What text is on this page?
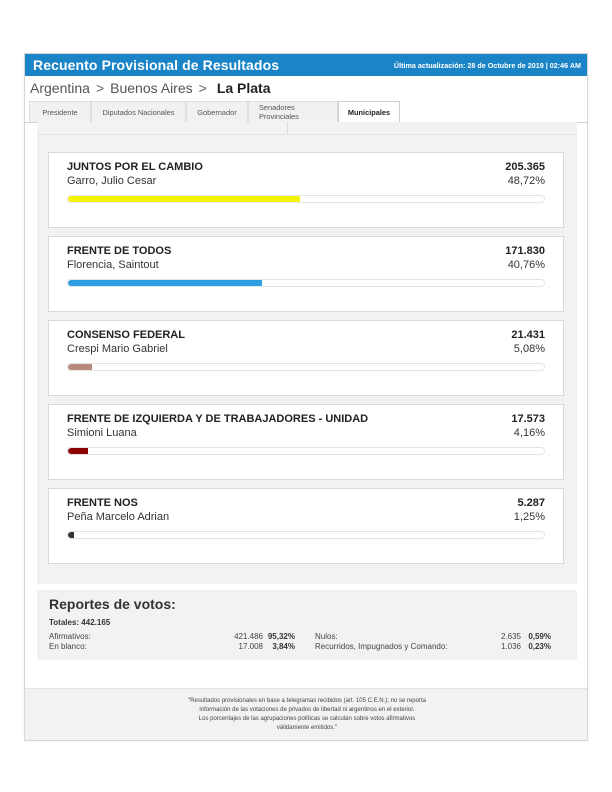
Recuento Provisional de Resultados	Última actualización: 28 de Octubre de 2019 | 02:46 AM
Argentina > Buenos Aires > La Plata
Presidente	Diputados Nacionales	Gobernador	Senadores Provinciales	Municipales
JUNTOS POR EL CAMBIO	205.365
Garro, Julio Cesar	48,72%
FRENTE DE TODOS	171.830
Florencia, Saintout	40,76%
CONSENSO FEDERAL	21.431
Crespi Mario Gabriel	5,08%
FRENTE DE IZQUIERDA Y DE TRABAJADORES - UNIDAD	17.573
Simioni Luana	4,16%
FRENTE NOS	5.287
Peña Marcelo Adrian	1,25%
Reportes de votos:
Totales: 442.165
Afirmativos:	421.486 95,32%
En blanco:	17.008 3,84%
Nulos:	2.635 0,59%
Recurridos, Impugnados y Comando:	1.036 0,23%
"Resultados provisionales en base a telegramas recibidos (art. 105 C.E.N.); no se reporta
información de las votaciones de privados de libertad ni argentinos en el exterior.
Los porcentajes de las agrupaciones políticas se calculan sobre votos afirmativos
válidamente emitidos."
